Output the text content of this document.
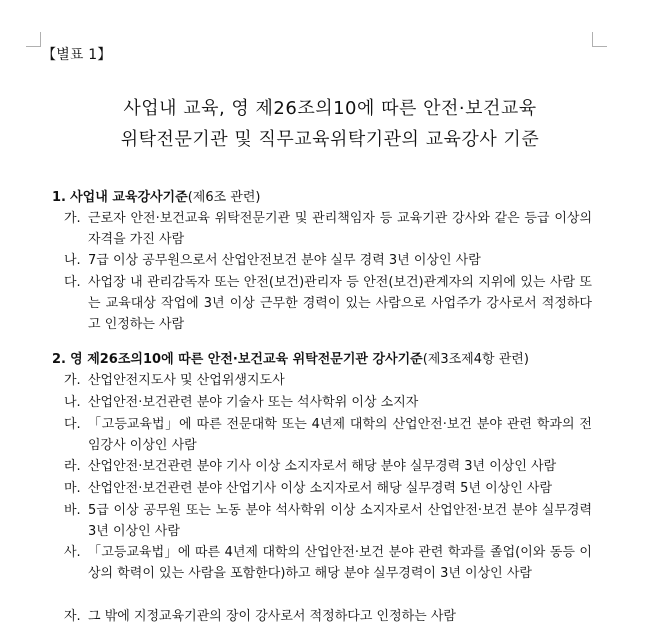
【별표 1】
사업내 교육, 영 제26조의10에 따른 안전·보건교육
위탁전문기관 및 직무교육위탁기관의 교육강사 기준
1. 사업내 교육강사기준(제6조 관련)
가. 근로자 안전·보건교육 위탁전문기관 및 관리책임자 등 교육기관 강사와 같은 등급 이상의 자격을 가진 사람
나. 7급 이상 공무원으로서 산업안전보건 분야 실무 경력 3년 이상인 사람
다. 사업장 내 관리감독자 또는 안전(보건)관리자 등 안전(보건)관계자의 지위에 있는 사람 또는 교육대상 작업에 3년 이상 근무한 경력이 있는 사람으로 사업주가 강사로서 적정하다고 인정하는 사람
2. 영 제26조의10에 따른 안전·보건교육 위탁전문기관 강사기준(제3조제4항 관련)
가. 산업안전지도사 및 산업위생지도사
나. 산업안전·보건관련 분야 기술사 또는 석사학위 이상 소지자
다. 「고등교육법」에 따른 전문대학 또는 4년제 대학의 산업안전·보건 분야 관련 학과의 전임강사 이상인 사람
라. 산업안전·보건관련 분야 기사 이상 소지자로서 해당 분야 실무경력 3년 이상인 사람
마. 산업안전·보건관련 분야 산업기사 이상 소지자로서 해당 실무경력 5년 이상인 사람
바. 5급 이상 공무원 또는 노동 분야 석사학위 이상 소지자로서 산업안전·보건 분야 실무경력 3년 이상인 사람
사. 「고등교육법」에 따른 4년제 대학의 산업안전·보건 분야 관련 학과를 졸업(이와 동등 이상의 학력이 있는 사람을 포함한다)하고 해당 분야 실무경력이 3년 이상인 사람
자. 그 밖에 지정교육기관의 장이 강사로서 적정하다고 인정하는 사람
